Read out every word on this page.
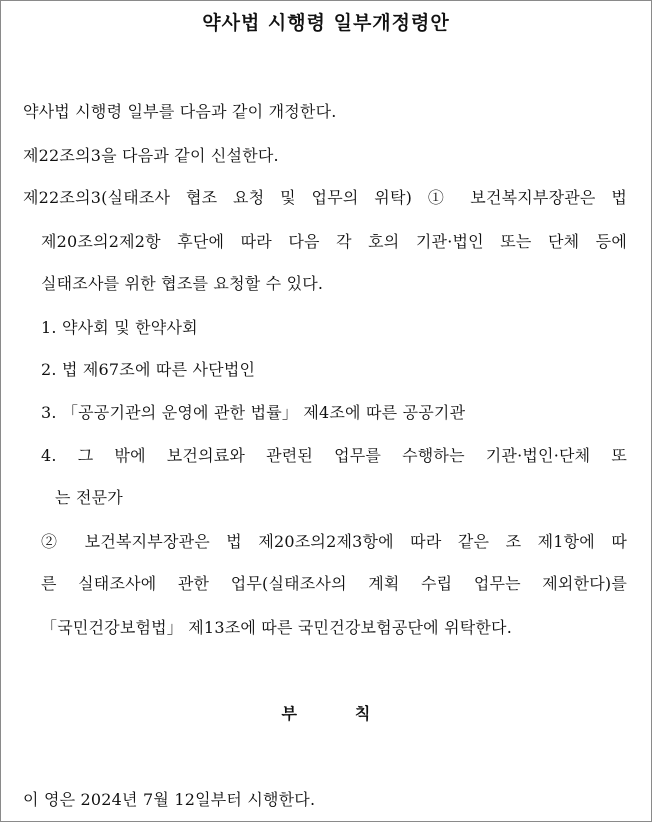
약사법 시행령 일부개정령안

약사법 시행령 일부를 다음과 같이 개정한다.

제22조의3을 다음과 같이 신설한다.

제22조의3(실태조사 협조 요청 및 업무의 위탁) ① 보건복지부장관은 법

제20조의2제2항 후단에 따라 다음 각 호의 기관·법인 또는 단체 등에

실태조사를 위한 협조를 요청할 수 있다.

1. 약사회 및 한약사회

2. 법 제67조에 따른 사단법인

3. 「공공기관의 운영에 관한 법률」 제4조에 따른 공공기관

4. 그 밖에 보건의료와 관련된 업무를 수행하는 기관·법인·단체 또

는 전문가

② 보건복지부장관은 법 제20조의2제3항에 따라 같은 조 제1항에 따

른 실태조사에 관한 업무(실태조사의 계획 수립 업무는 제외한다)를

「국민건강보험법」 제13조에 따른 국민건강보험공단에 위탁한다.

부 칙

이 영은 2024년 7월 12일부터 시행한다.
